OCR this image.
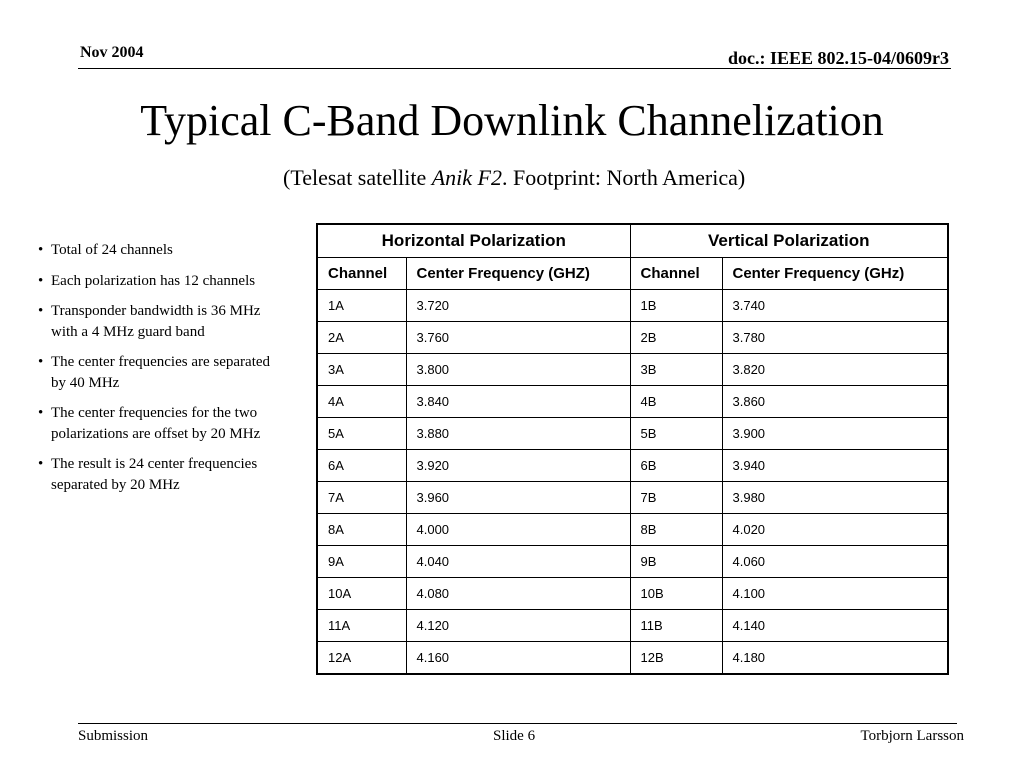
Nov 2004	doc.: IEEE 802.15-04/0609r3
Typical C-Band Downlink Channelization
(Telesat satellite Anik F2. Footprint: North America)
• Total of 24 channels
• Each polarization has 12 channels
• Transponder bandwidth is 36 MHz with a 4 MHz guard band
• The center frequencies are separated by 40 MHz
• The center frequencies for the two polarizations are offset by 20 MHz
• The result is 24 center frequencies separated by 20 MHz
Horizontal Polarization		Vertical Polarization	
Channel	Center Frequency (GHZ)	Channel	Center Frequency (GHz)
1A	3.720	1B	3.740
2A	3.760	2B	3.780
3A	3.800	3B	3.820
4A	3.840	4B	3.860
5A	3.880	5B	3.900
6A	3.920	6B	3.940
7A	3.960	7B	3.980
8A	4.000	8B	4.020
9A	4.040	9B	4.060
10A	4.080	10B	4.100
11A	4.120	11B	4.140
12A	4.160	12B	4.180
Submission	Slide 6	Torbjorn Larsson
